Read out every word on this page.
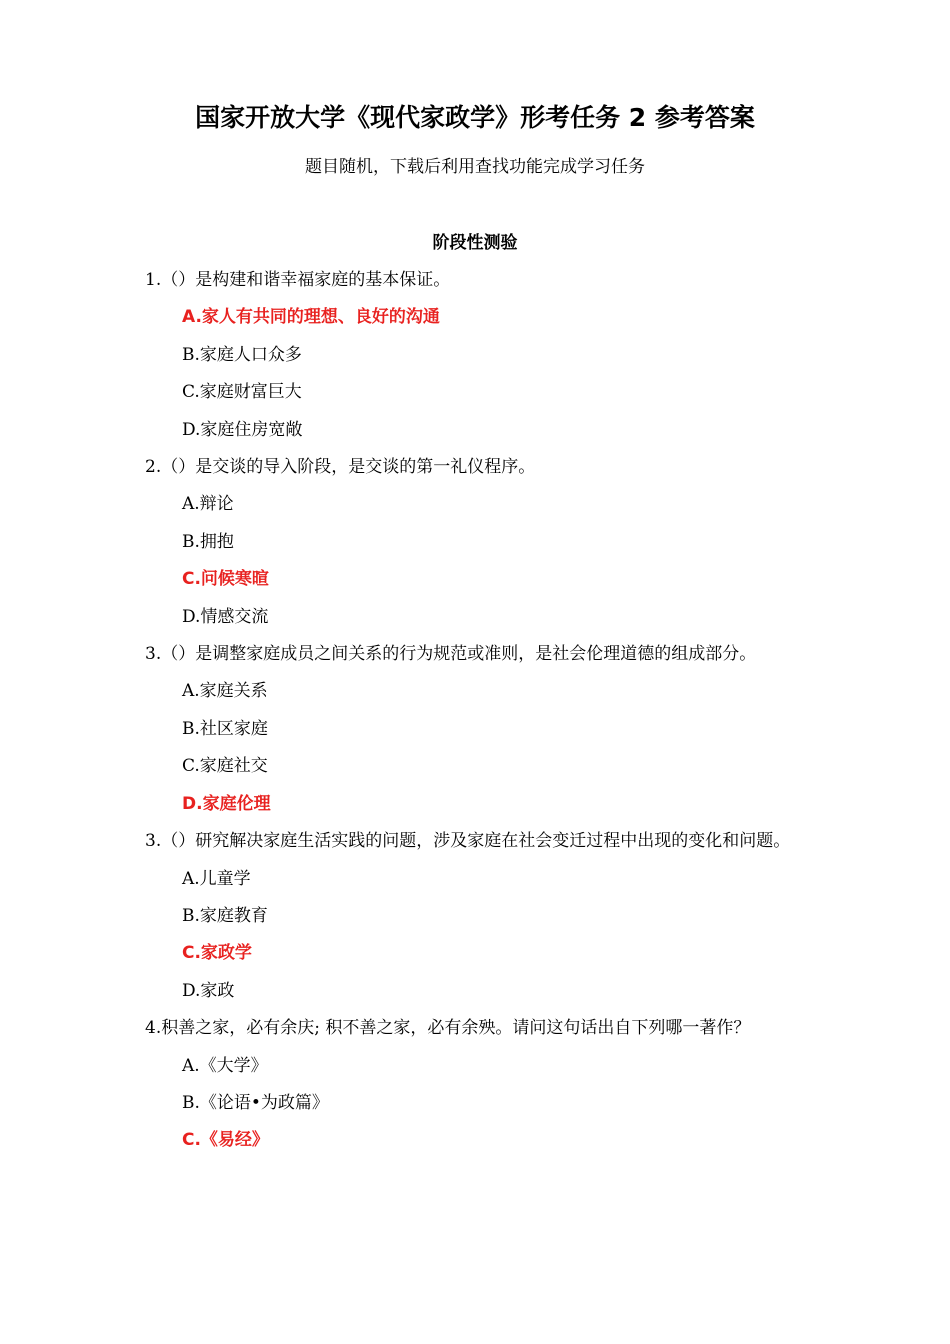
国家开放大学《现代家政学》形考任务 2 参考答案
题目随机，下载后利用查找功能完成学习任务
阶段性测验

1.（）是构建和谐幸福家庭的基本保证。

A.家人有共同的理想、良好的沟通

B.家庭人口众多

C.家庭财富巨大

D.家庭住房宽敞

2.（）是交谈的导入阶段，是交谈的第一礼仪程序。

A.辩论

B.拥抱

C.问候寒暄

D.情感交流

3.（）是调整家庭成员之间关系的行为规范或准则，是社会伦理道德的组成部分。

A.家庭关系

B.社区家庭

C.家庭社交

D.家庭伦理

3.（）研究解决家庭生活实践的问题，涉及家庭在社会变迁过程中出现的变化和问题。

A.儿童学

B.家庭教育

C.家政学

D.家政

4.积善之家，必有余庆; 积不善之家，必有余殃。请问这句话出自下列哪一著作？

A.《大学》

B.《论语•为政篇》

C.《易经》
